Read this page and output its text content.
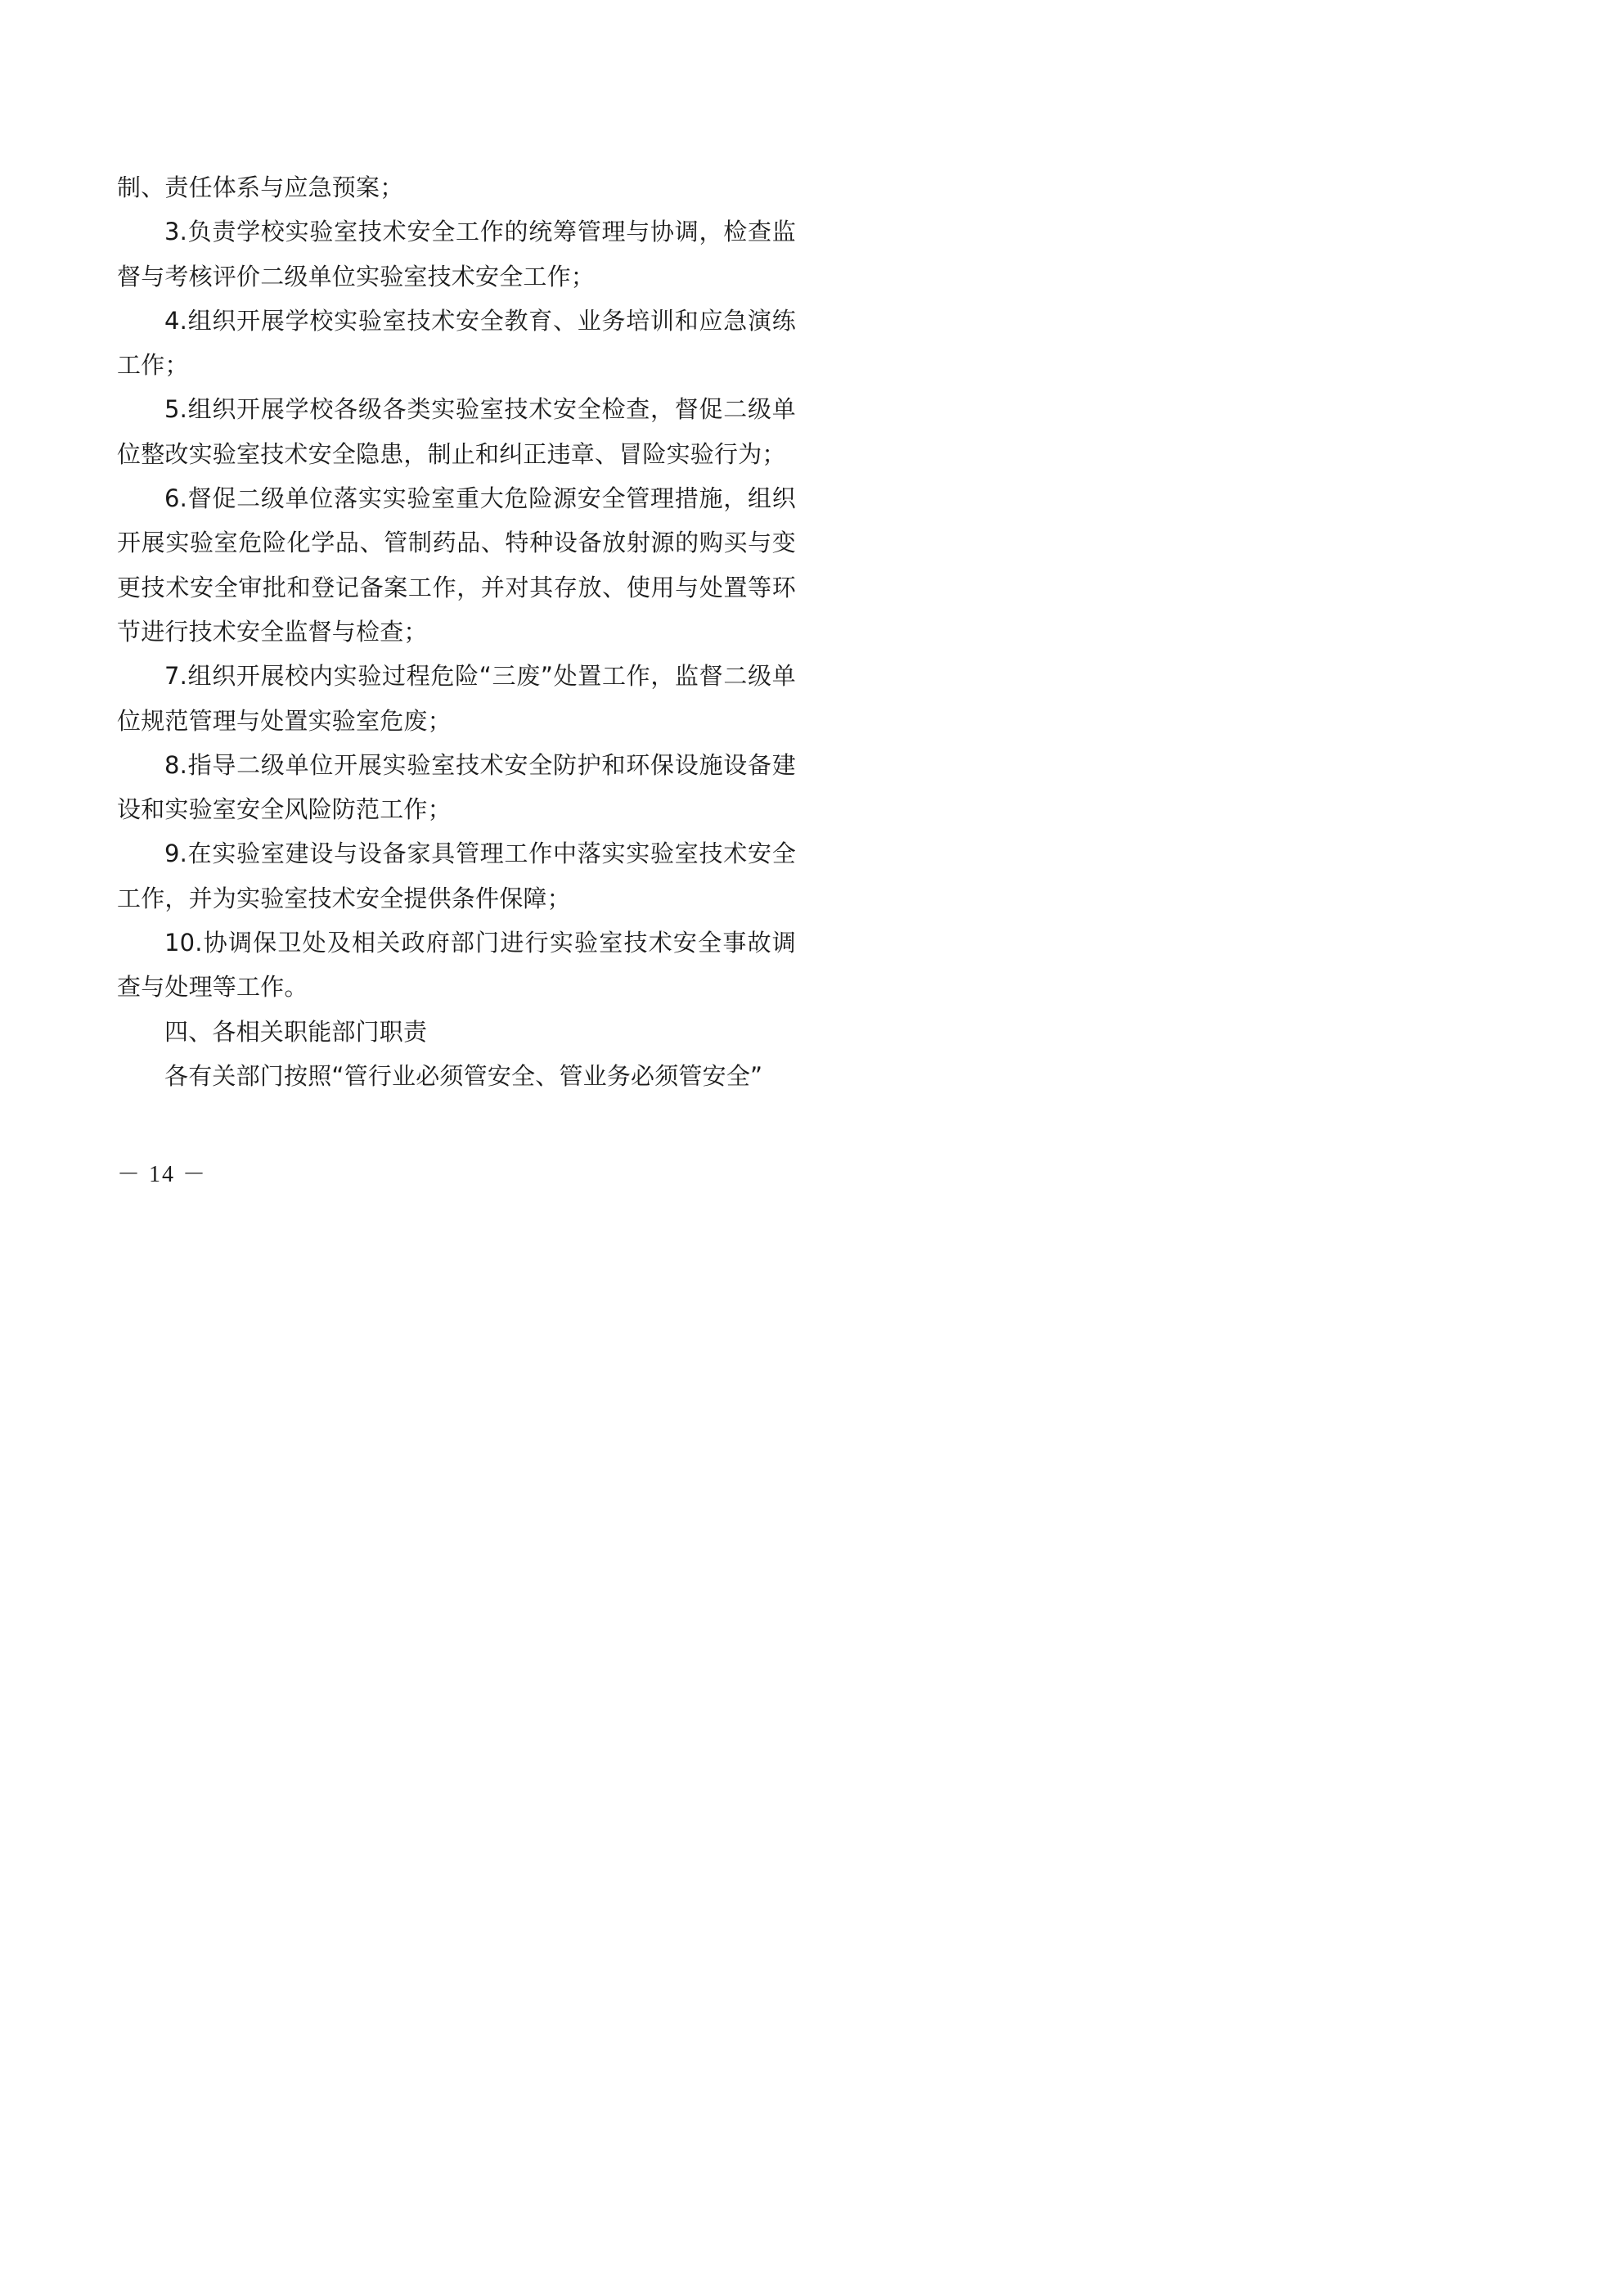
制、责任体系与应急预案；

3.负责学校实验室技术安全工作的统筹管理与协调，检查监督与考核评价二级单位实验室技术安全工作；

4.组织开展学校实验室技术安全教育、业务培训和应急演练工作；

5.组织开展学校各级各类实验室技术安全检查，督促二级单位整改实验室技术安全隐患，制止和纠正违章、冒险实验行为；

6.督促二级单位落实实验室重大危险源安全管理措施，组织开展实验室危险化学品、管制药品、特种设备放射源的购买与变更技术安全审批和登记备案工作，并对其存放、使用与处置等环节进行技术安全监督与检查；

7.组织开展校内实验过程危险“三废”处置工作，监督二级单位规范管理与处置实验室危废；

8.指导二级单位开展实验室技术安全防护和环保设施设备建设和实验室安全风险防范工作；

9.在实验室建设与设备家具管理工作中落实实验室技术安全工作，并为实验室技术安全提供条件保障；

10.协调保卫处及相关政府部门进行实验室技术安全事故调查与处理等工作。

四、各相关职能部门职责

各有关部门按照“管行业必须管安全、管业务必须管安全”

－ 14 －
